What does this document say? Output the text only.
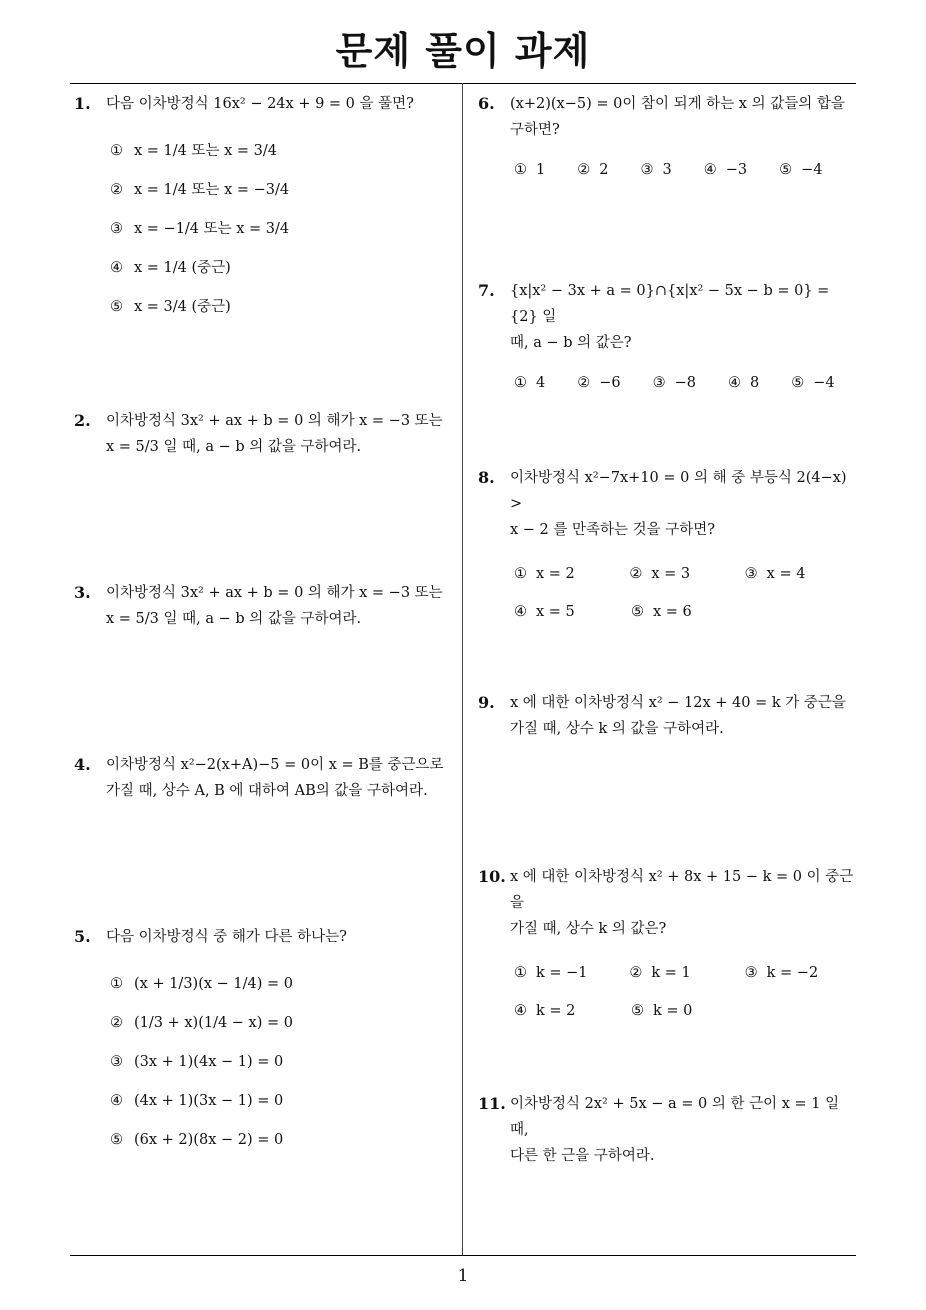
문제 풀이 과제
1
1. 다음 이차방정식 16x² − 24x + 9 = 0 을 풀면?
① x = 1/4 또는 x = 3/4
② x = 1/4 또는 x = −3/4
③ x = −1/4 또는 x = 3/4
④ x = 1/4 (중근)
⑤ x = 3/4 (중근)
2. 이차방정식 3x² + ax + b = 0 의 해가 x = −3 또는
x = 5/3 일 때, a − b 의 값을 구하여라.
3. 이차방정식 3x² + ax + b = 0 의 해가 x = −3 또는
x = 5/3 일 때, a − b 의 값을 구하여라.
4. 이차방정식 x²−2(x+A)−5 = 0이 x = B를 중근으로
가질 때, 상수 A, B 에 대하여 AB의 값을 구하여라.
5. 다음 이차방정식 중 해가 다른 하나는?
① (x + 1/3)(x − 1/4) = 0
② (1/3 + x)(1/4 − x) = 0
③ (3x + 1)(4x − 1) = 0
④ (4x + 1)(3x − 1) = 0
⑤ (6x + 2)(8x − 2) = 0
6. (x+2)(x−5) = 0이 참이 되게 하는 x 의 값들의 합을
구하면?
① 1 ② 2 ③ 3 ④ −3 ⑤ −4
7. {x|x² − 3x + a = 0}∩{x|x² − 5x − b = 0} = {2} 일
때, a − b 의 값은?
① 4 ② −6 ③ −8 ④ 8 ⑤ −4
8. 이차방정식 x²−7x+10 = 0 의 해 중 부등식 2(4−x) >
x − 2 를 만족하는 것을 구하면?
① x = 2	② x = 3	③ x = 4
④ x = 5	⑤ x = 6
9. x 에 대한 이차방정식 x² − 12x + 40 = k 가 중근을
가질 때, 상수 k 의 값을 구하여라.
10. x 에 대한 이차방정식 x² + 8x + 15 − k = 0 이 중근을
가질 때, 상수 k 의 값은?
① k = −1	② k = 1	③ k = −2
④ k = 2	⑤ k = 0
11. 이차방정식 2x² + 5x − a = 0 의 한 근이 x = 1 일 때,
다른 한 근을 구하여라.
